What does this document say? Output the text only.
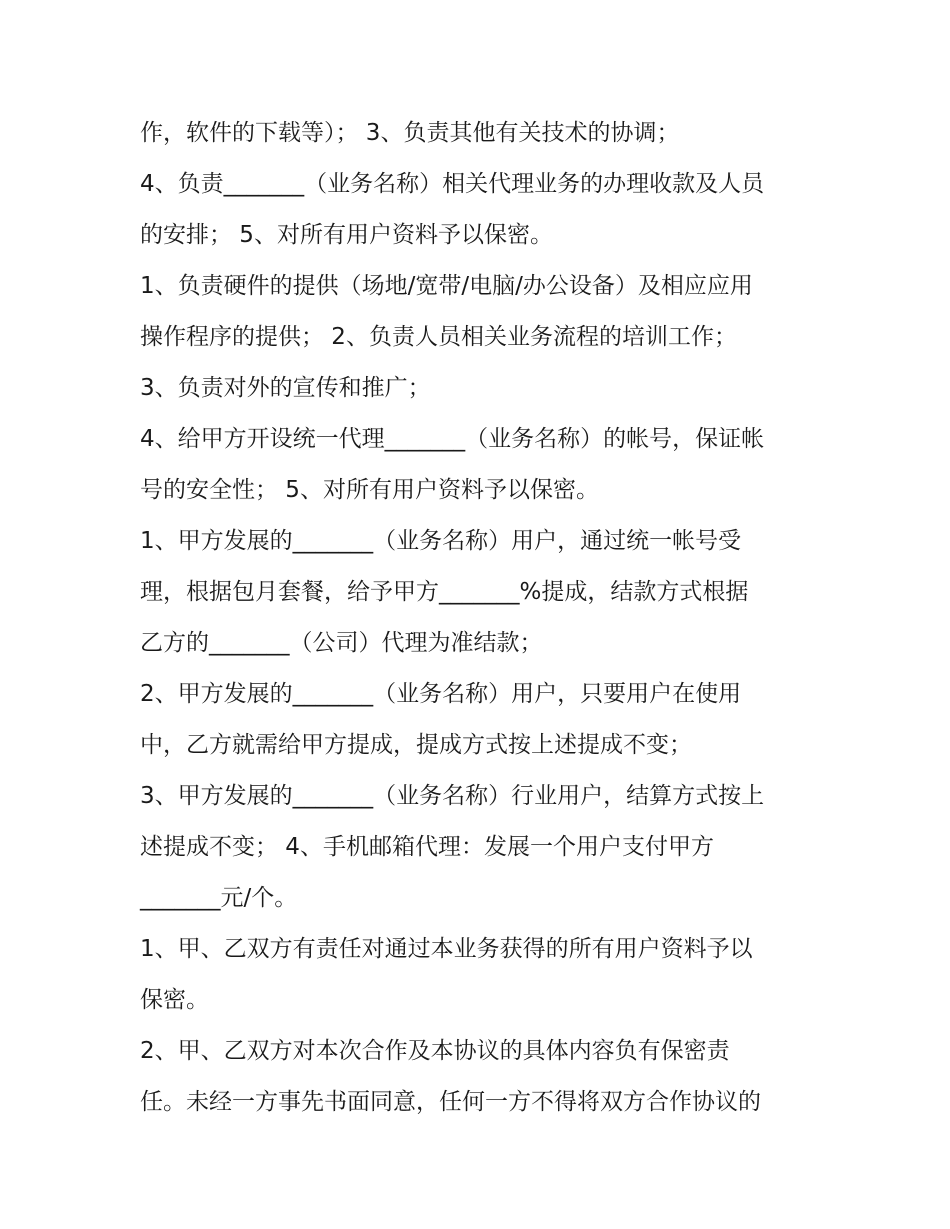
作，软件的下载等）； 3、负责其他有关技术的协调；
4、负责_______（业务名称）相关代理业务的办理收款及人员
的安排； 5、对所有用户资料予以保密。
1、负责硬件的提供（场地/宽带/电脑/办公设备）及相应应用
操作程序的提供； 2、负责人员相关业务流程的培训工作；
3、负责对外的宣传和推广；
4、给甲方开设统一代理_______（业务名称）的帐号，保证帐
号的安全性； 5、对所有用户资料予以保密。
1、甲方发展的_______（业务名称）用户，通过统一帐号受
理，根据包月套餐，给予甲方_______%提成，结款方式根据
乙方的_______（公司）代理为准结款；
2、甲方发展的_______（业务名称）用户，只要用户在使用
中，乙方就需给甲方提成，提成方式按上述提成不变；
3、甲方发展的_______（业务名称）行业用户，结算方式按上
述提成不变； 4、手机邮箱代理：发展一个用户支付甲方
_______元/个。
1、甲、乙双方有责任对通过本业务获得的所有用户资料予以
保密。
2、甲、乙双方对本次合作及本协议的具体内容负有保密责
任。未经一方事先书面同意，任何一方不得将双方合作协议的
